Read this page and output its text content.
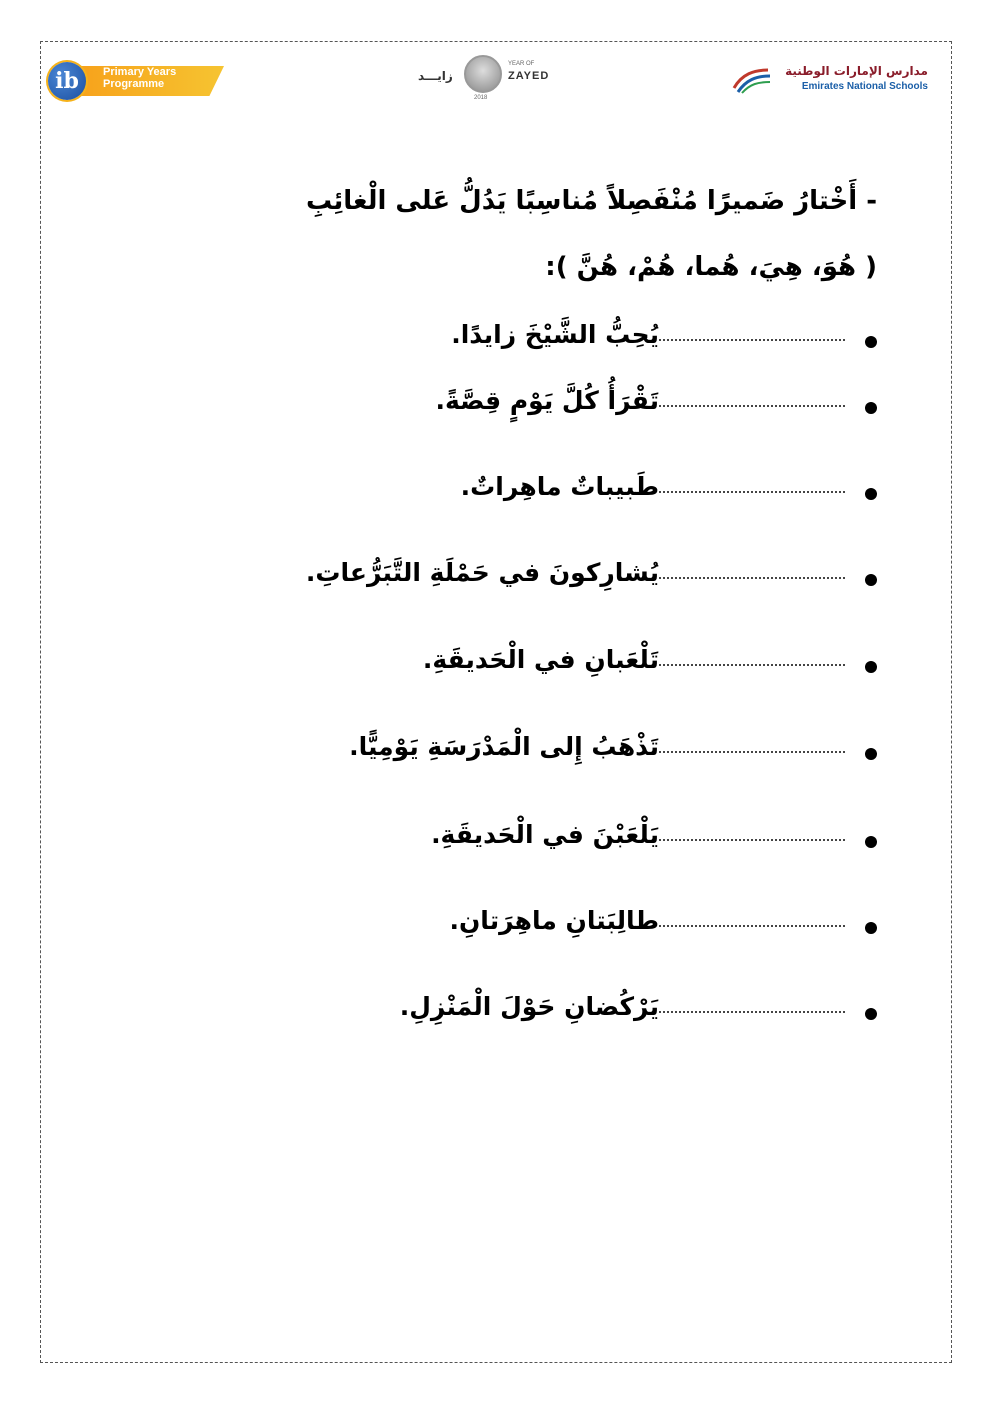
Primary Years
Programme
ib	زايـــد
YEAR OF
ZAYED
2018
مدارس الإمارات الوطنية
Emirates National Schools
- أَخْتارُ ضَميرًا مُنْفَصِلاً مُناسِبًا يَدُلُّ عَلى الْغائِبِ
( هُوَ، هِيَ، هُما، هُمْ، هُنَّ ):
يُحِبُّ الشَّيْخَ زايدًا.
تَقْرَأُ كُلَّ يَوْمٍ قِصَّةً.
طَبيباتٌ ماهِراتٌ.
يُشارِكونَ في حَمْلَةِ التَّبَرُّعاتِ.
تَلْعَبانِ في الْحَديقَةِ.
تَذْهَبُ إِلى الْمَدْرَسَةِ يَوْمِيًّا.
يَلْعَبْنَ في الْحَديقَةِ.
طالِبَتانِ ماهِرَتانِ.
يَرْكُضانِ حَوْلَ الْمَنْزِلِ.
